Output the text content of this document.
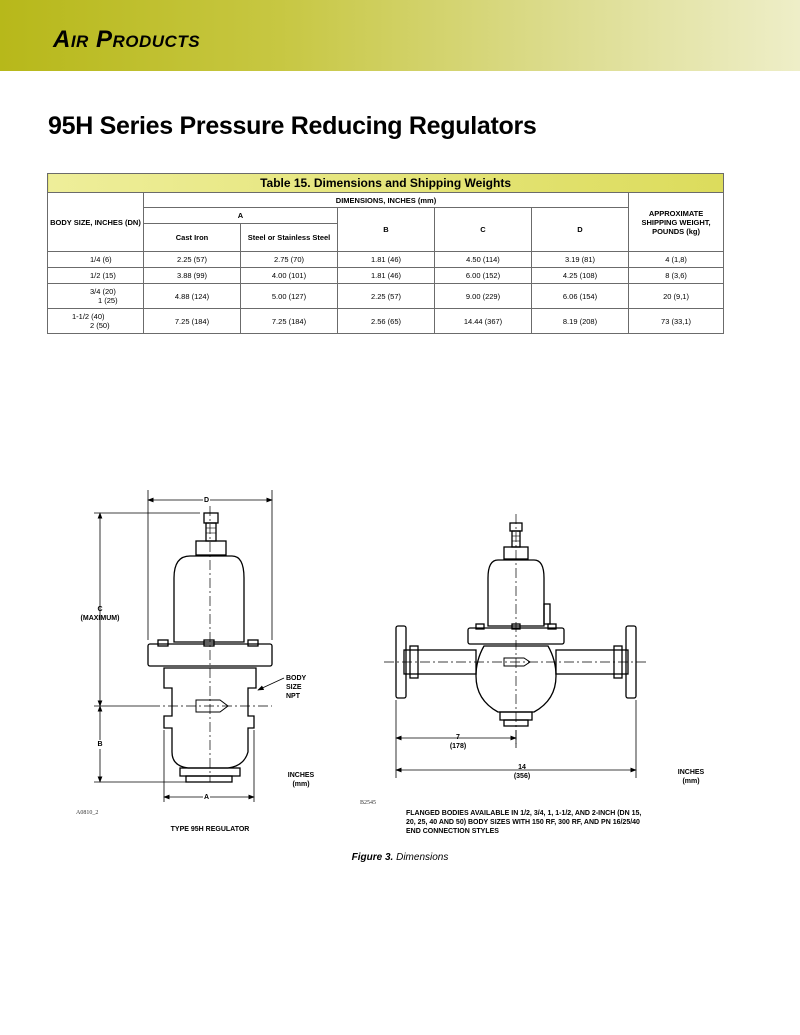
Air Products
95H Series Pressure Reducing Regulators
Table 15. Dimensions and Shipping Weights						
BODY SIZE, INCHES (DN)	DIMENSIONS, INCHES (mm)					APPROXIMATE SHIPPING WEIGHT, POUNDS (kg)
	A		B	C	D	
	Cast Iron	Steel or Stainless Steel				
1/4 (6)	2.25 (57)	2.75 (70)	1.81 (46)	4.50 (114)	3.19 (81)	4 (1,8)
1/2 (15)	3.88 (99)	4.00 (101)	1.81 (46)	6.00 (152)	4.25 (108)	8 (3,6)

3/4 (20)
1 (25)	4.88 (124)	5.00 (127)	2.25 (57)	9.00 (229)	6.06 (154)	20 (9,1)

1-1/2 (40)
2 (50)	7.25 (184)	7.25 (184)	2.56 (65)	14.44 (367)	8.19 (208)	73 (33,1)
D
C
(MAXIMUM)
B
A
BODY
SIZE
NPT
INCHES
(mm)
A0810_2
TYPE 95H REGULATOR
7
(178)
14
(356)
INCHES
(mm)
B2545
FLANGED BODIES AVAILABLE IN 1/2, 3/4, 1, 1-1/2, AND 2-INCH (DN 15, 20, 25, 40 AND 50) BODY SIZES WITH 150 RF, 300 RF, AND PN 16/25/40 END CONNECTION STYLES
Figure 3. Dimensions
